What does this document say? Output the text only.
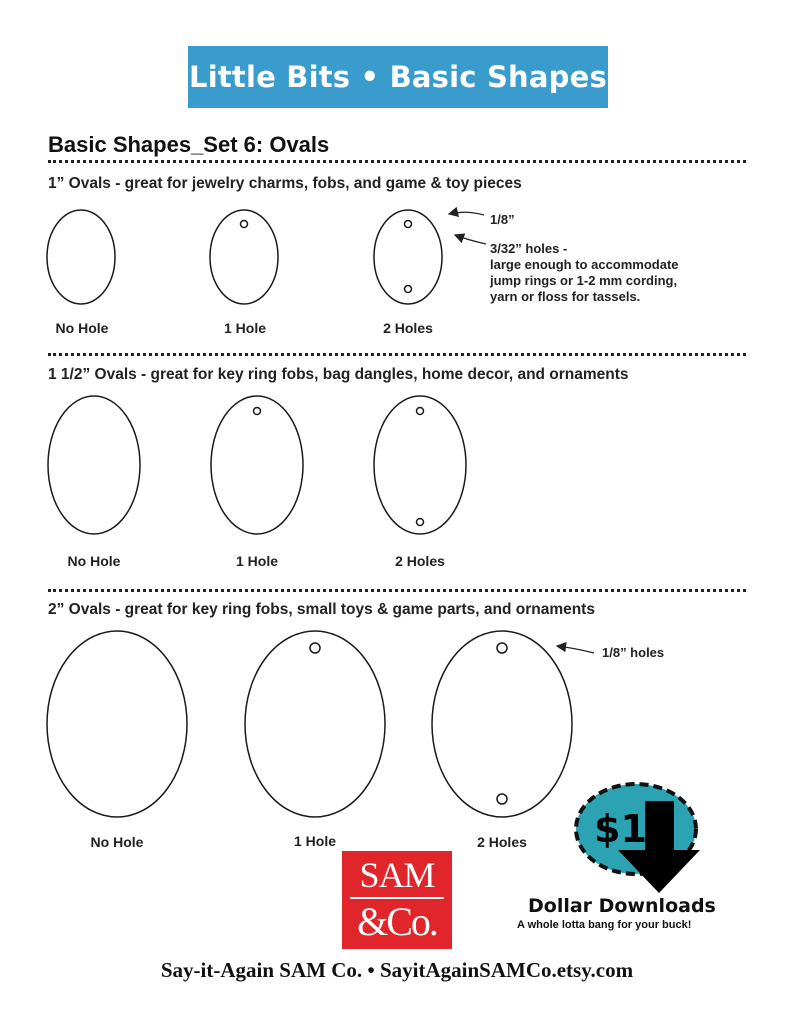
Little Bits • Basic Shapes
Basic Shapes_Set 6: Ovals
1” Ovals - great for jewelry charms, fobs, and game & toy pieces
1 1/2” Ovals - great for key ring fobs, bag dangles, home decor, and ornaments
2” Ovals - great for key ring fobs, small toys & game parts, and ornaments
No Hole	1 Hole	2 Holes
No Hole	1 Hole	2 Holes
No Hole	1 Hole	2 Holes
1/8”
3/32” holes -
large enough to accommodate
jump rings or 1-2 mm cording,
yarn or floss for tassels.
1/8” holes
SAM
&Co.
$1
Dollar Downloads
A whole lotta bang for your buck!
Say-it-Again SAM Co. • SayitAgainSAMCo.etsy.com
